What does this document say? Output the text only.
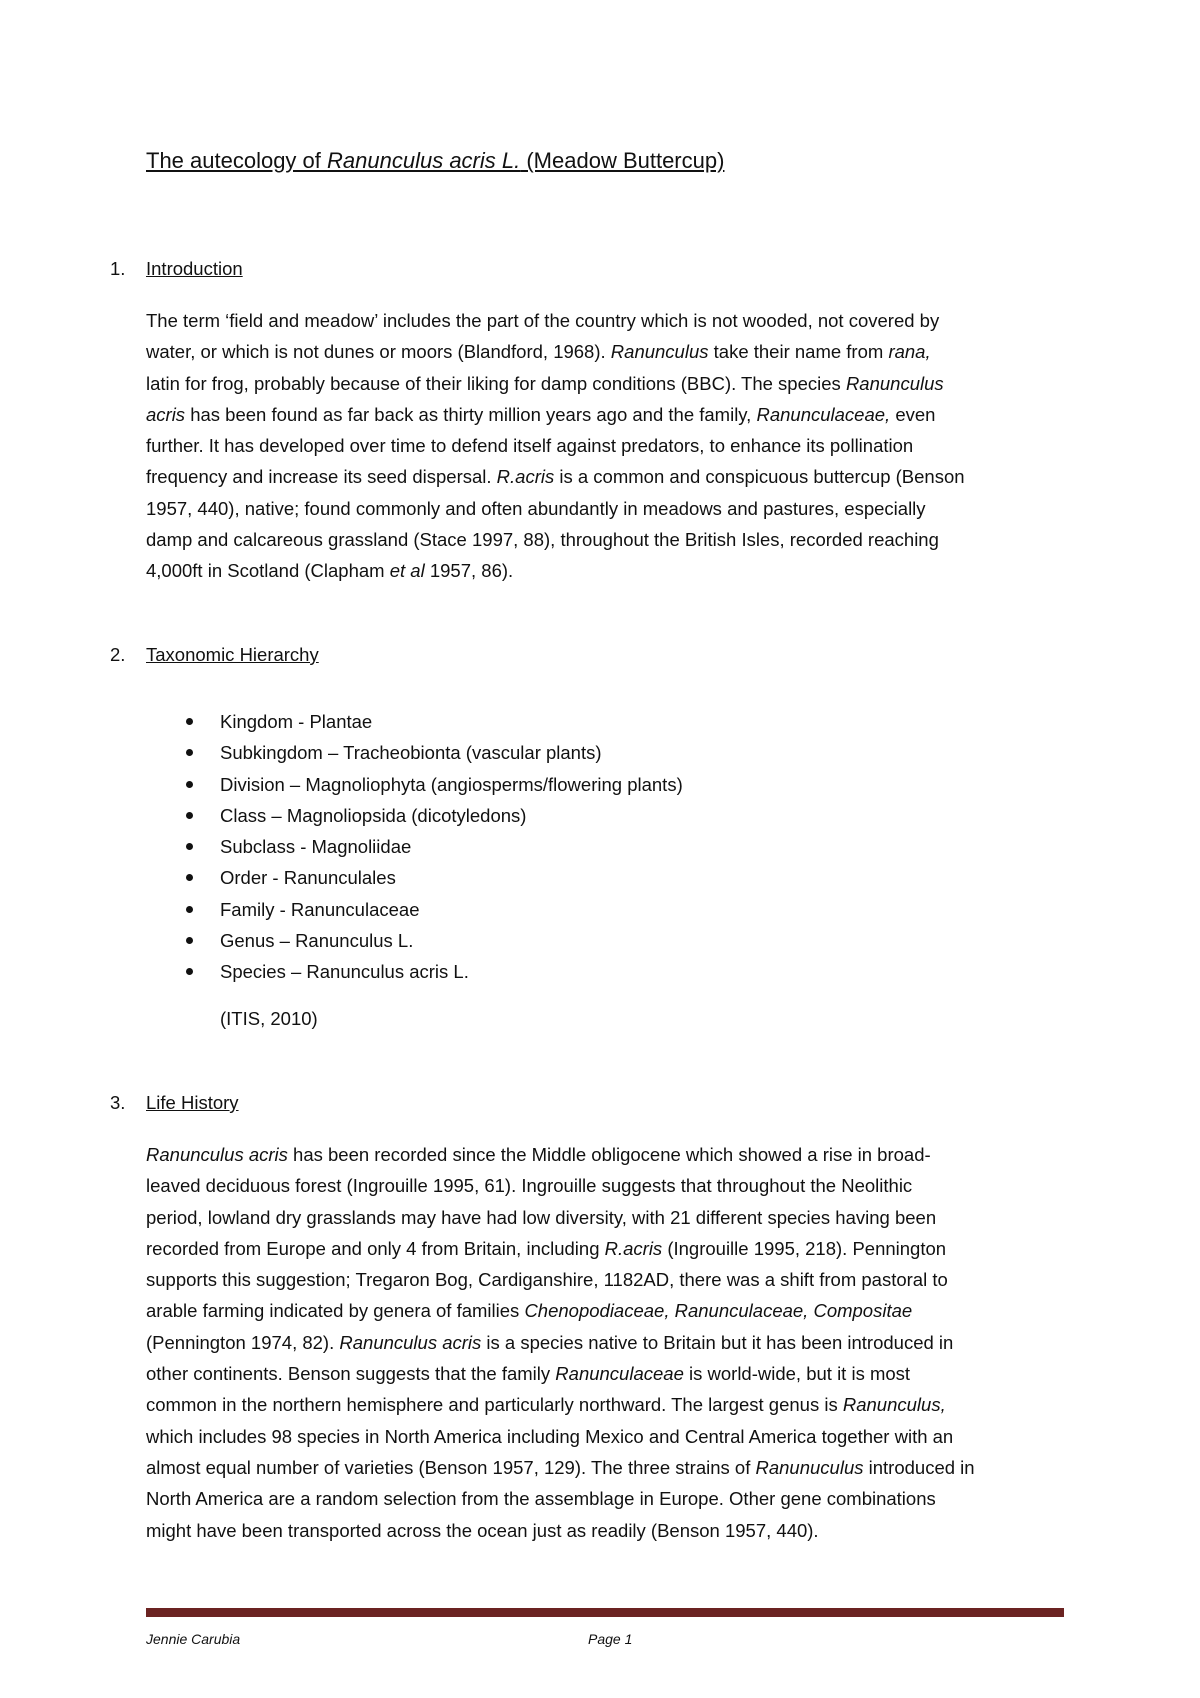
The autecology of Ranunculus acris L. (Meadow Buttercup)
1. Introduction

The term ‘field and meadow’ includes the part of the country which is not wooded, not covered by

water, or which is not dunes or moors (Blandford, 1968). Ranunculus take their name from rana,

latin for frog, probably because of their liking for damp conditions (BBC). The species Ranunculus

acris has been found as far back as thirty million years ago and the family, Ranunculaceae, even

further. It has developed over time to defend itself against predators, to enhance its pollination

frequency and increase its seed dispersal. R.acris is a common and conspicuous buttercup (Benson

1957, 440), native; found commonly and often abundantly in meadows and pastures, especially

damp and calcareous grassland (Stace 1997, 88), throughout the British Isles, recorded reaching

4,000ft in Scotland (Clapham et al 1957, 86).

2. Taxonomic Hierarchy
Kingdom - Plantae
Subkingdom – Tracheobionta (vascular plants)
Division – Magnoliophyta (angiosperms/flowering plants)
Class – Magnoliopsida (dicotyledons)
Subclass - Magnoliidae
Order - Ranunculales
Family - Ranunculaceae
Genus – Ranunculus L.
Species – Ranunculus acris L.
(ITIS, 2010)
3. Life History

Ranunculus acris has been recorded since the Middle obligocene which showed a rise in broad-

leaved deciduous forest (Ingrouille 1995, 61). Ingrouille suggests that throughout the Neolithic

period, lowland dry grasslands may have had low diversity, with 21 different species having been

recorded from Europe and only 4 from Britain, including R.acris (Ingrouille 1995, 218). Pennington

supports this suggestion; Tregaron Bog, Cardiganshire, 1182AD, there was a shift from pastoral to

arable farming indicated by genera of families Chenopodiaceae, Ranunculaceae, Compositae

(Pennington 1974, 82). Ranunculus acris is a species native to Britain but it has been introduced in

other continents. Benson suggests that the family Ranunculaceae is world-wide, but it is most

common in the northern hemisphere and particularly northward. The largest genus is Ranunculus,

which includes 98 species in North America including Mexico and Central America together with an

almost equal number of varieties (Benson 1957, 129). The three strains of Ranunuculus introduced in

North America are a random selection from the assemblage in Europe. Other gene combinations

might have been transported across the ocean just as readily (Benson 1957, 440).

Jennie Carubia	Page 1
